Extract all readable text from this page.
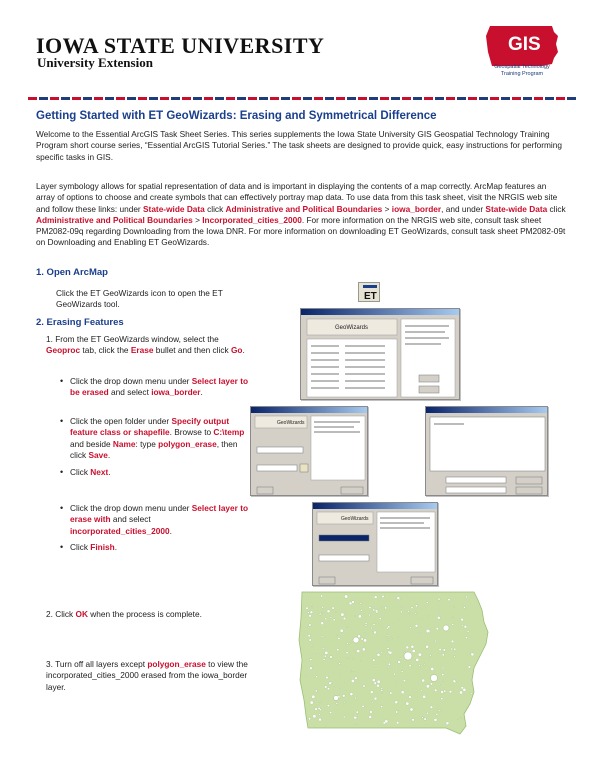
IOWA STATE UNIVERSITY
University Extension
GIS
Geospatial Technology
Training Program
Getting Started with ET GeoWizards: Erasing and Symmetrical Difference
Welcome to the Essential ArcGIS Task Sheet Series. This series supplements the Iowa State University GIS Geospatial Technology Training Program short course series, “Essential ArcGIS Tutorial Series.” The task sheets are designed to provide quick, easy instructions for performing specific tasks in GIS.
Layer symbology allows for spatial representation of data and is important in displaying the contents of a map correctly. ArcMap features an array of options to choose and create symbols that can effectively portray map data. To use data from this task sheet, visit the NRGIS web site and follow these links: under State-wide Data click Administrative and Political Boundaries > iowa_border, and under State-wide Data click Administrative and Political Boundaries > Incorporated_cities_2000. For more information on the NRGIS web site, consult task sheet PM2082-09q regarding Downloading from the Iowa DNR. For more information on downloading ET GeoWizards, consult task sheet PM2082-09t on Downloading and Enabling ET GeoWizards.
1. Open ArcMap
Click the ET GeoWizards icon to open the ET GeoWizards tool.
ET
2. Erasing Features
1. From the ET GeoWizards window, select the Geoproc tab, click the Erase bullet and then click Go.
• Click the drop down menu under Select layer to be erased and select iowa_border.
• Click the open folder under Specify output feature class or shapefile. Browse to C:\temp and beside Name: type polygon_erase, then click Save.
• Click Next.
• Click the drop down menu under Select layer to erase with and select incorporated_cities_2000.
• Click Finish.
2. Click OK when the process is complete.
3. Turn off all layers except polygon_erase to view the incorporated_cities_2000 erased from the iowa_border layer.
GeoWizards
GeoWizards
GeoWizards
